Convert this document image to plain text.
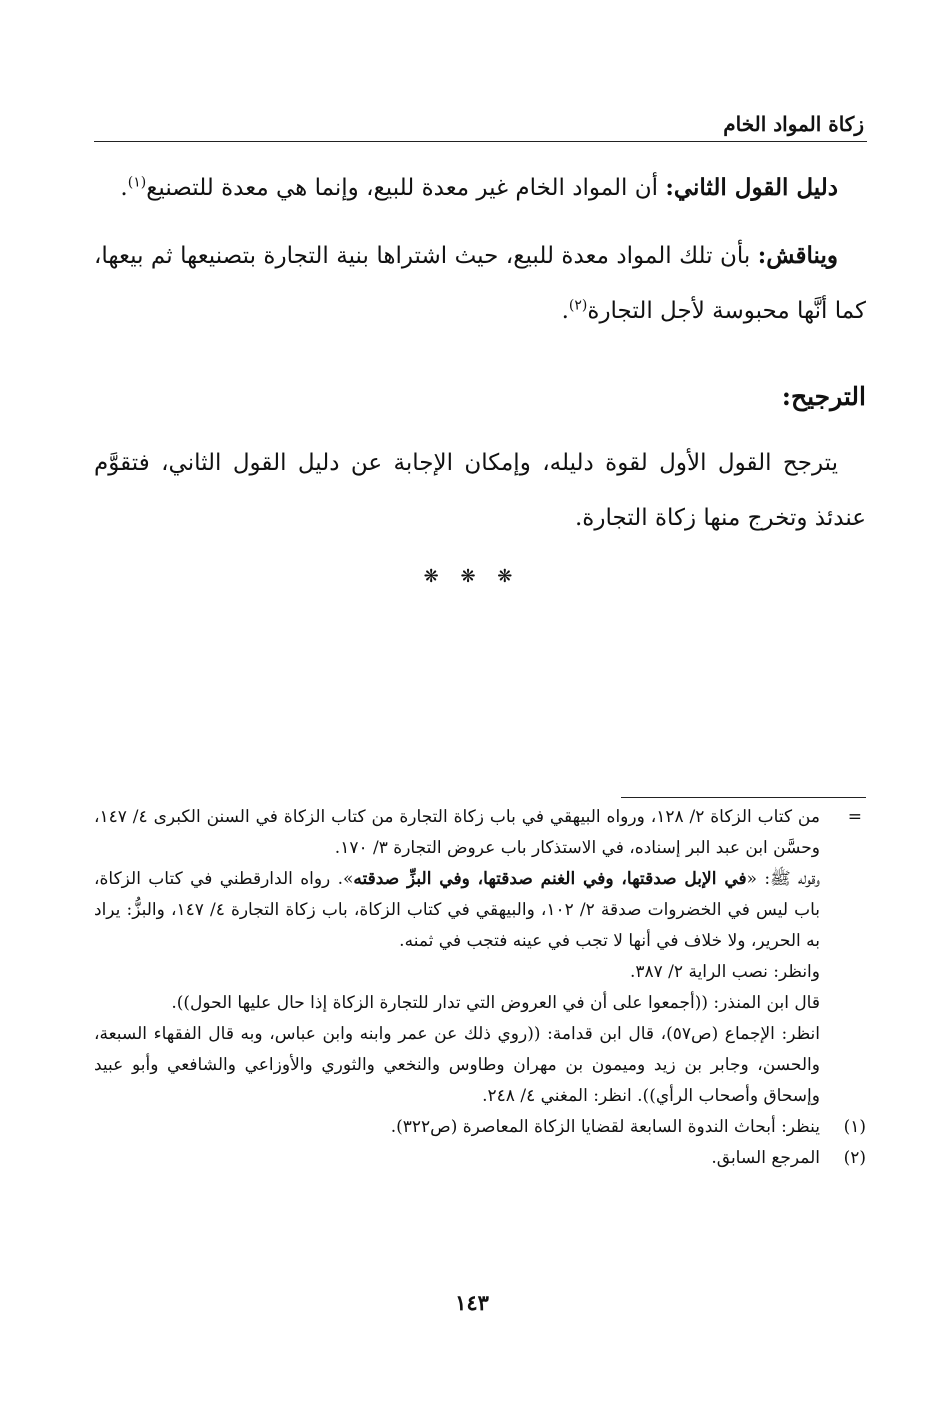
زكاة المواد الخام

دليل القول الثاني: أن المواد الخام غير معدة للبيع، وإنما هي معدة للتصنيع$^{(١)}$.

ويناقش: بأن تلك المواد معدة للبيع، حيث اشتراها بنية التجارة بتصنيعها ثم بيعها، كما أنَّها محبوسة لأجل التجارة$^{(٢)}$.

الترجيح:

يترجح القول الأول لقوة دليله، وإمكان الإجابة عن دليل القول الثاني، فتقوَّم عندئذ وتخرج منها زكاة التجارة.

❋ ❋ ❋
=
من كتاب الزكاة ٢/ ١٢٨، ورواه البيهقي في باب زكاة التجارة من كتاب الزكاة في السنن الكبرى ٤/ ١٤٧، وحسَّن ابن عبد البر إسناده، في الاستذكار باب عروض التجارة ٣/ ١٧٠.
وقوله ﷺ: «في الإبل صدقتها، وفي الغنم صدقتها، وفي البزِّ صدقته». رواه الدارقطني في كتاب الزكاة، باب ليس في الخضروات صدقة ٢/ ١٠٢، والبيهقي في كتاب الزكاة، باب زكاة التجارة ٤/ ١٤٧، والبزُّ: يراد به الحرير، ولا خلاف في أنها لا تجب في عينه فتجب في ثمنه.
وانظر: نصب الراية ٢/ ٣٨٧.
قال ابن المنذر: ((أجمعوا على أن في العروض التي تدار للتجارة الزكاة إذا حال عليها الحول)).
انظر: الإجماع (ص٥٧)، قال ابن قدامة: ((روي ذلك عن عمر وابنه وابن عباس، وبه قال الفقهاء السبعة، والحسن، وجابر بن زيد وميمون بن مهران وطاوس والنخعي والثوري والأوزاعي والشافعي وأبو عبيد وإسحاق وأصحاب الرأي)). انظر: المغني ٤/ ٢٤٨.
(١)
ينظر: أبحاث الندوة السابعة لقضايا الزكاة المعاصرة (ص٣٢٢).
(٢)
المرجع السابق.
١٤٣
